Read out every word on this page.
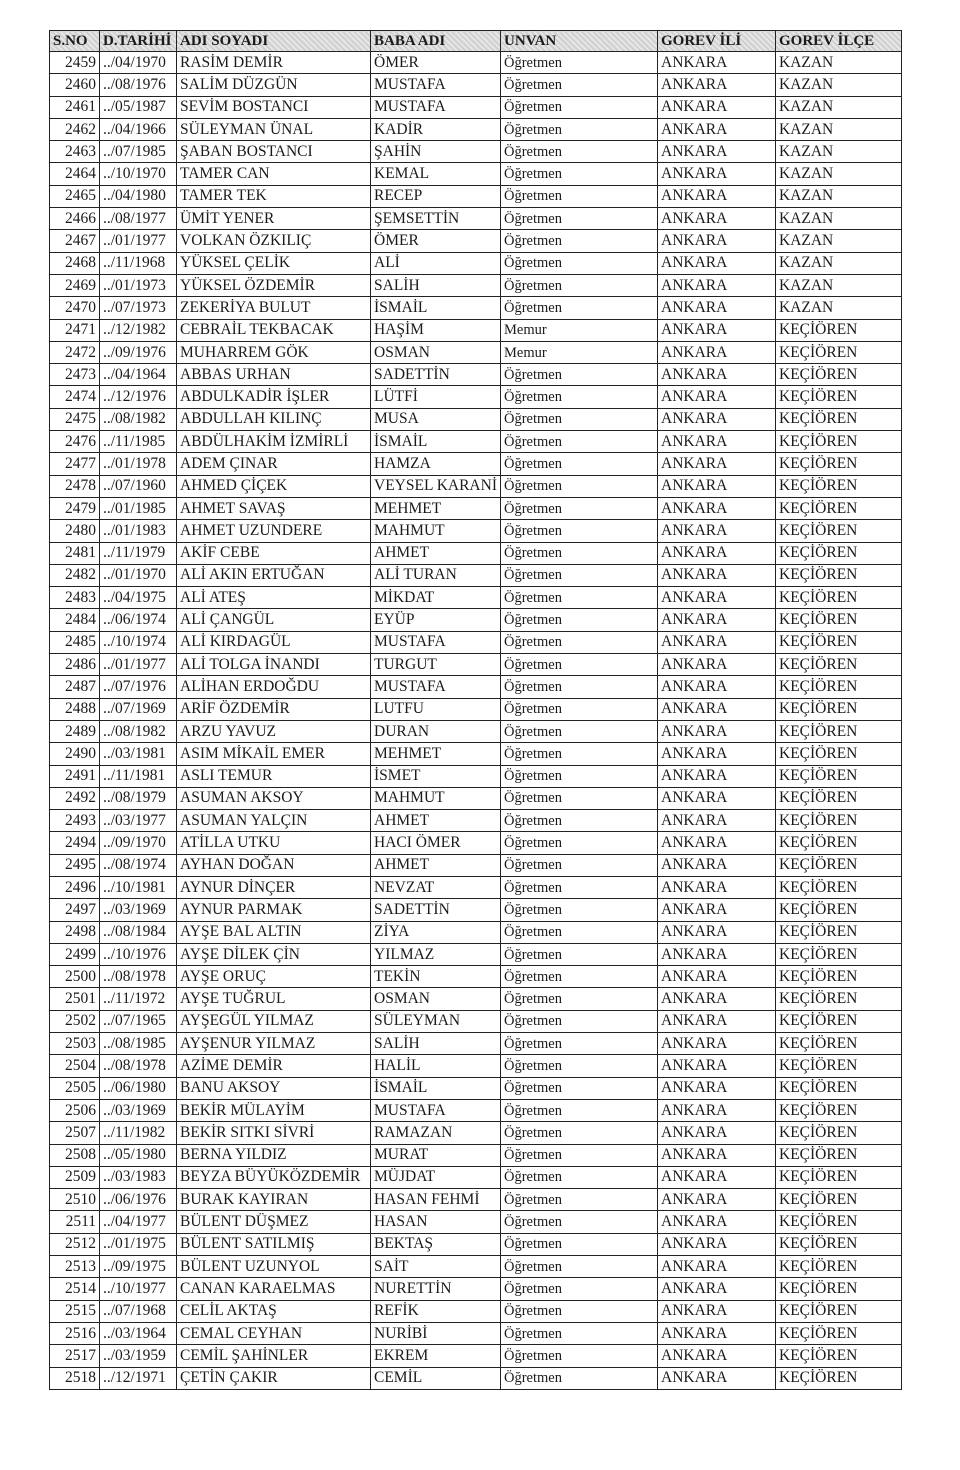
S.NO	D.TARİHİ	ADI SOYADI	BABA ADI	UNVAN	GOREV İLİ	GOREV İLÇE
2459	../04/1970	RASİM DEMİR	ÖMER	Öğretmen	ANKARA	KAZAN
2460	../08/1976	SALİM DÜZGÜN	MUSTAFA	Öğretmen	ANKARA	KAZAN
2461	../05/1987	SEVİM BOSTANCI	MUSTAFA	Öğretmen	ANKARA	KAZAN
2462	../04/1966	SÜLEYMAN ÜNAL	KADİR	Öğretmen	ANKARA	KAZAN
2463	../07/1985	ŞABAN BOSTANCI	ŞAHİN	Öğretmen	ANKARA	KAZAN
2464	../10/1970	TAMER CAN	KEMAL	Öğretmen	ANKARA	KAZAN
2465	../04/1980	TAMER TEK	RECEP	Öğretmen	ANKARA	KAZAN
2466	../08/1977	ÜMİT YENER	ŞEMSETTİN	Öğretmen	ANKARA	KAZAN
2467	../01/1977	VOLKAN ÖZKILIÇ	ÖMER	Öğretmen	ANKARA	KAZAN
2468	../11/1968	YÜKSEL ÇELİK	ALİ	Öğretmen	ANKARA	KAZAN
2469	../01/1973	YÜKSEL ÖZDEMİR	SALİH	Öğretmen	ANKARA	KAZAN
2470	../07/1973	ZEKERİYA BULUT	İSMAİL	Öğretmen	ANKARA	KAZAN
2471	../12/1982	CEBRAİL TEKBACAK	HAŞİM	Memur	ANKARA	KEÇİÖREN
2472	../09/1976	MUHARREM GÖK	OSMAN	Memur	ANKARA	KEÇİÖREN
2473	../04/1964	ABBAS URHAN	SADETTİN	Öğretmen	ANKARA	KEÇİÖREN
2474	../12/1976	ABDULKADİR İŞLER	LÜTFİ	Öğretmen	ANKARA	KEÇİÖREN
2475	../08/1982	ABDULLAH KILINÇ	MUSA	Öğretmen	ANKARA	KEÇİÖREN
2476	../11/1985	ABDÜLHAKİM İZMİRLİ	İSMAİL	Öğretmen	ANKARA	KEÇİÖREN
2477	../01/1978	ADEM ÇINAR	HAMZA	Öğretmen	ANKARA	KEÇİÖREN
2478	../07/1960	AHMED ÇİÇEK	VEYSEL KARANİ	Öğretmen	ANKARA	KEÇİÖREN
2479	../01/1985	AHMET SAVAŞ	MEHMET	Öğretmen	ANKARA	KEÇİÖREN
2480	../01/1983	AHMET UZUNDERE	MAHMUT	Öğretmen	ANKARA	KEÇİÖREN
2481	../11/1979	AKİF CEBE	AHMET	Öğretmen	ANKARA	KEÇİÖREN
2482	../01/1970	ALİ AKIN ERTUĞAN	ALİ TURAN	Öğretmen	ANKARA	KEÇİÖREN
2483	../04/1975	ALİ ATEŞ	MİKDAT	Öğretmen	ANKARA	KEÇİÖREN
2484	../06/1974	ALİ ÇANGÜL	EYÜP	Öğretmen	ANKARA	KEÇİÖREN
2485	../10/1974	ALİ KIRDAGÜL	MUSTAFA	Öğretmen	ANKARA	KEÇİÖREN
2486	../01/1977	ALİ TOLGA İNANDI	TURGUT	Öğretmen	ANKARA	KEÇİÖREN
2487	../07/1976	ALİHAN ERDOĞDU	MUSTAFA	Öğretmen	ANKARA	KEÇİÖREN
2488	../07/1969	ARİF ÖZDEMİR	LUTFU	Öğretmen	ANKARA	KEÇİÖREN
2489	../08/1982	ARZU YAVUZ	DURAN	Öğretmen	ANKARA	KEÇİÖREN
2490	../03/1981	ASIM MİKAİL EMER	MEHMET	Öğretmen	ANKARA	KEÇİÖREN
2491	../11/1981	ASLI TEMUR	İSMET	Öğretmen	ANKARA	KEÇİÖREN
2492	../08/1979	ASUMAN AKSOY	MAHMUT	Öğretmen	ANKARA	KEÇİÖREN
2493	../03/1977	ASUMAN YALÇIN	AHMET	Öğretmen	ANKARA	KEÇİÖREN
2494	../09/1970	ATİLLA UTKU	HACI ÖMER	Öğretmen	ANKARA	KEÇİÖREN
2495	../08/1974	AYHAN DOĞAN	AHMET	Öğretmen	ANKARA	KEÇİÖREN
2496	../10/1981	AYNUR DİNÇER	NEVZAT	Öğretmen	ANKARA	KEÇİÖREN
2497	../03/1969	AYNUR PARMAK	SADETTİN	Öğretmen	ANKARA	KEÇİÖREN
2498	../08/1984	AYŞE BAL ALTIN	ZİYA	Öğretmen	ANKARA	KEÇİÖREN
2499	../10/1976	AYŞE DİLEK ÇİN	YILMAZ	Öğretmen	ANKARA	KEÇİÖREN
2500	../08/1978	AYŞE ORUÇ	TEKİN	Öğretmen	ANKARA	KEÇİÖREN
2501	../11/1972	AYŞE TUĞRUL	OSMAN	Öğretmen	ANKARA	KEÇİÖREN
2502	../07/1965	AYŞEGÜL YILMAZ	SÜLEYMAN	Öğretmen	ANKARA	KEÇİÖREN
2503	../08/1985	AYŞENUR YILMAZ	SALİH	Öğretmen	ANKARA	KEÇİÖREN
2504	../08/1978	AZİME DEMİR	HALİL	Öğretmen	ANKARA	KEÇİÖREN
2505	../06/1980	BANU AKSOY	İSMAİL	Öğretmen	ANKARA	KEÇİÖREN
2506	../03/1969	BEKİR MÜLAYİM	MUSTAFA	Öğretmen	ANKARA	KEÇİÖREN
2507	../11/1982	BEKİR SITKI SİVRİ	RAMAZAN	Öğretmen	ANKARA	KEÇİÖREN
2508	../05/1980	BERNA YILDIZ	MURAT	Öğretmen	ANKARA	KEÇİÖREN
2509	../03/1983	BEYZA BÜYÜKÖZDEMİR	MÜJDAT	Öğretmen	ANKARA	KEÇİÖREN
2510	../06/1976	BURAK KAYIRAN	HASAN FEHMİ	Öğretmen	ANKARA	KEÇİÖREN
2511	../04/1977	BÜLENT DÜŞMEZ	HASAN	Öğretmen	ANKARA	KEÇİÖREN
2512	../01/1975	BÜLENT SATILMIŞ	BEKTAŞ	Öğretmen	ANKARA	KEÇİÖREN
2513	../09/1975	BÜLENT UZUNYOL	SAİT	Öğretmen	ANKARA	KEÇİÖREN
2514	../10/1977	CANAN KARAELMAS	NURETTİN	Öğretmen	ANKARA	KEÇİÖREN
2515	../07/1968	CELİL AKTAŞ	REFİK	Öğretmen	ANKARA	KEÇİÖREN
2516	../03/1964	CEMAL CEYHAN	NURİBİ	Öğretmen	ANKARA	KEÇİÖREN
2517	../03/1959	CEMİL ŞAHİNLER	EKREM	Öğretmen	ANKARA	KEÇİÖREN
2518	../12/1971	ÇETİN ÇAKIR	CEMİL	Öğretmen	ANKARA	KEÇİÖREN
